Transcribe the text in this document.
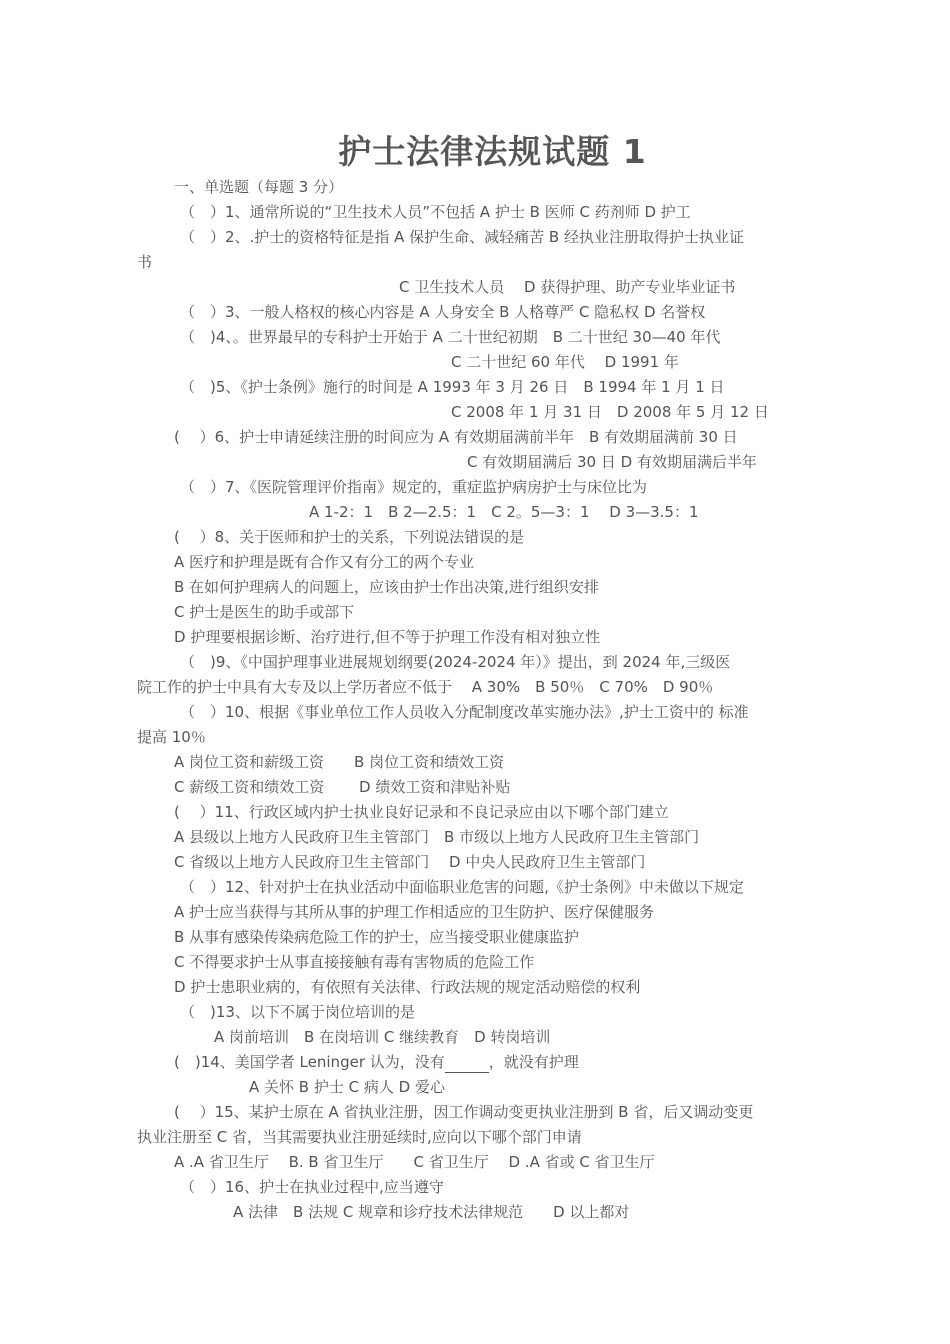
护士法律法规试题 1
一、单选题（每题 3 分）
（　）1、通常所说的“卫生技术人员”不包括 A 护士 B 医师 C 药剂师 D 护工
（　）2、.护士的资格特征是指 A 保护生命、减轻痛苦 B 经执业注册取得护士执业证
书
C 卫生技术人员　 D 获得护理、助产专业毕业证书
（　）3、一般人格权的核心内容是 A 人身安全 B 人格尊严 C 隐私权 D 名誉权
（　)4、。世界最早的专科护士开始于 A 二十世纪初期　B 二十世纪 30—40 年代
C 二十世纪 60 年代　 D 1991 年
（　)5、《护士条例》施行的时间是 A 1993 年 3 月 26 日　B 1994 年 1 月 1 日
C 2008 年 1 月 31 日　D 2008 年 5 月 12 日
(　 ）6、护士申请延续注册的时间应为 A 有效期届满前半年　B 有效期届满前 30 日
C 有效期届满后 30 日 D 有效期届满后半年
（　）7、《医院管理评价指南》规定的，重症监护病房护士与床位比为
A 1-2：1　B 2—2.5：1　C 2。5—3：1　 D 3—3.5：1
(　 ）8、关于医师和护士的关系，下列说法错误的是
A 医疗和护理是既有合作又有分工的两个专业
B 在如何护理病人的问题上，应该由护士作出决策,进行组织安排
C 护士是医生的助手或部下
D 护理要根据诊断、治疗进行,但不等于护理工作没有相对独立性
（　)9、《中国护理事业进展规划纲要(2024-2024 年）》提出，到 2024 年,三级医
院工作的护士中具有大专及以上学历者应不低于　 A 30%　B 50％　C 70%　D 90％
（　）10、根据《事业单位工作人员收入分配制度改革实施办法》,护士工资中的 标准
提高 10％
A 岗位工资和薪级工资　　B 岗位工资和绩效工资
C 薪级工资和绩效工资　　 D 绩效工资和津贴补贴
(　 ）11、行政区域内护士执业良好记录和不良记录应由以下哪个部门建立
A 县级以上地方人民政府卫生主管部门　B 市级以上地方人民政府卫生主管部门
C 省级以上地方人民政府卫生主管部门　 D 中央人民政府卫生主管部门
（　）12、针对护士在执业活动中面临职业危害的问题,《护士条例》中未做以下规定
A 护士应当获得与其所从事的护理工作相适应的卫生防护、医疗保健服务
B 从事有感染传染病危险工作的护士，应当接受职业健康监护
C 不得要求护士从事直接接触有毒有害物质的危险工作
D 护士患职业病的，有依照有关法律、行政法规的规定活动赔偿的权利
（　)13、以下不属于岗位培训的是
A 岗前培训　B 在岗培训 C 继续教育　D 转岗培训
(　)14、美国学者 Leninger 认为，没有	，就没有护理
A 关怀 B 护士 C 病人 D 爱心
(　 ）15、某护士原在 A 省执业注册，因工作调动变更执业注册到 B 省，后又调动变更
执业注册至 C 省，当其需要执业注册延续时,应向以下哪个部门申请
A .A 省卫生厅　 B. B 省卫生厅　　C 省卫生厅　 D .A 省或 C 省卫生厅
（　）16、护士在执业过程中,应当遵守
A 法律　B 法规 C 规章和诊疗技术法律规范　　D 以上都对
